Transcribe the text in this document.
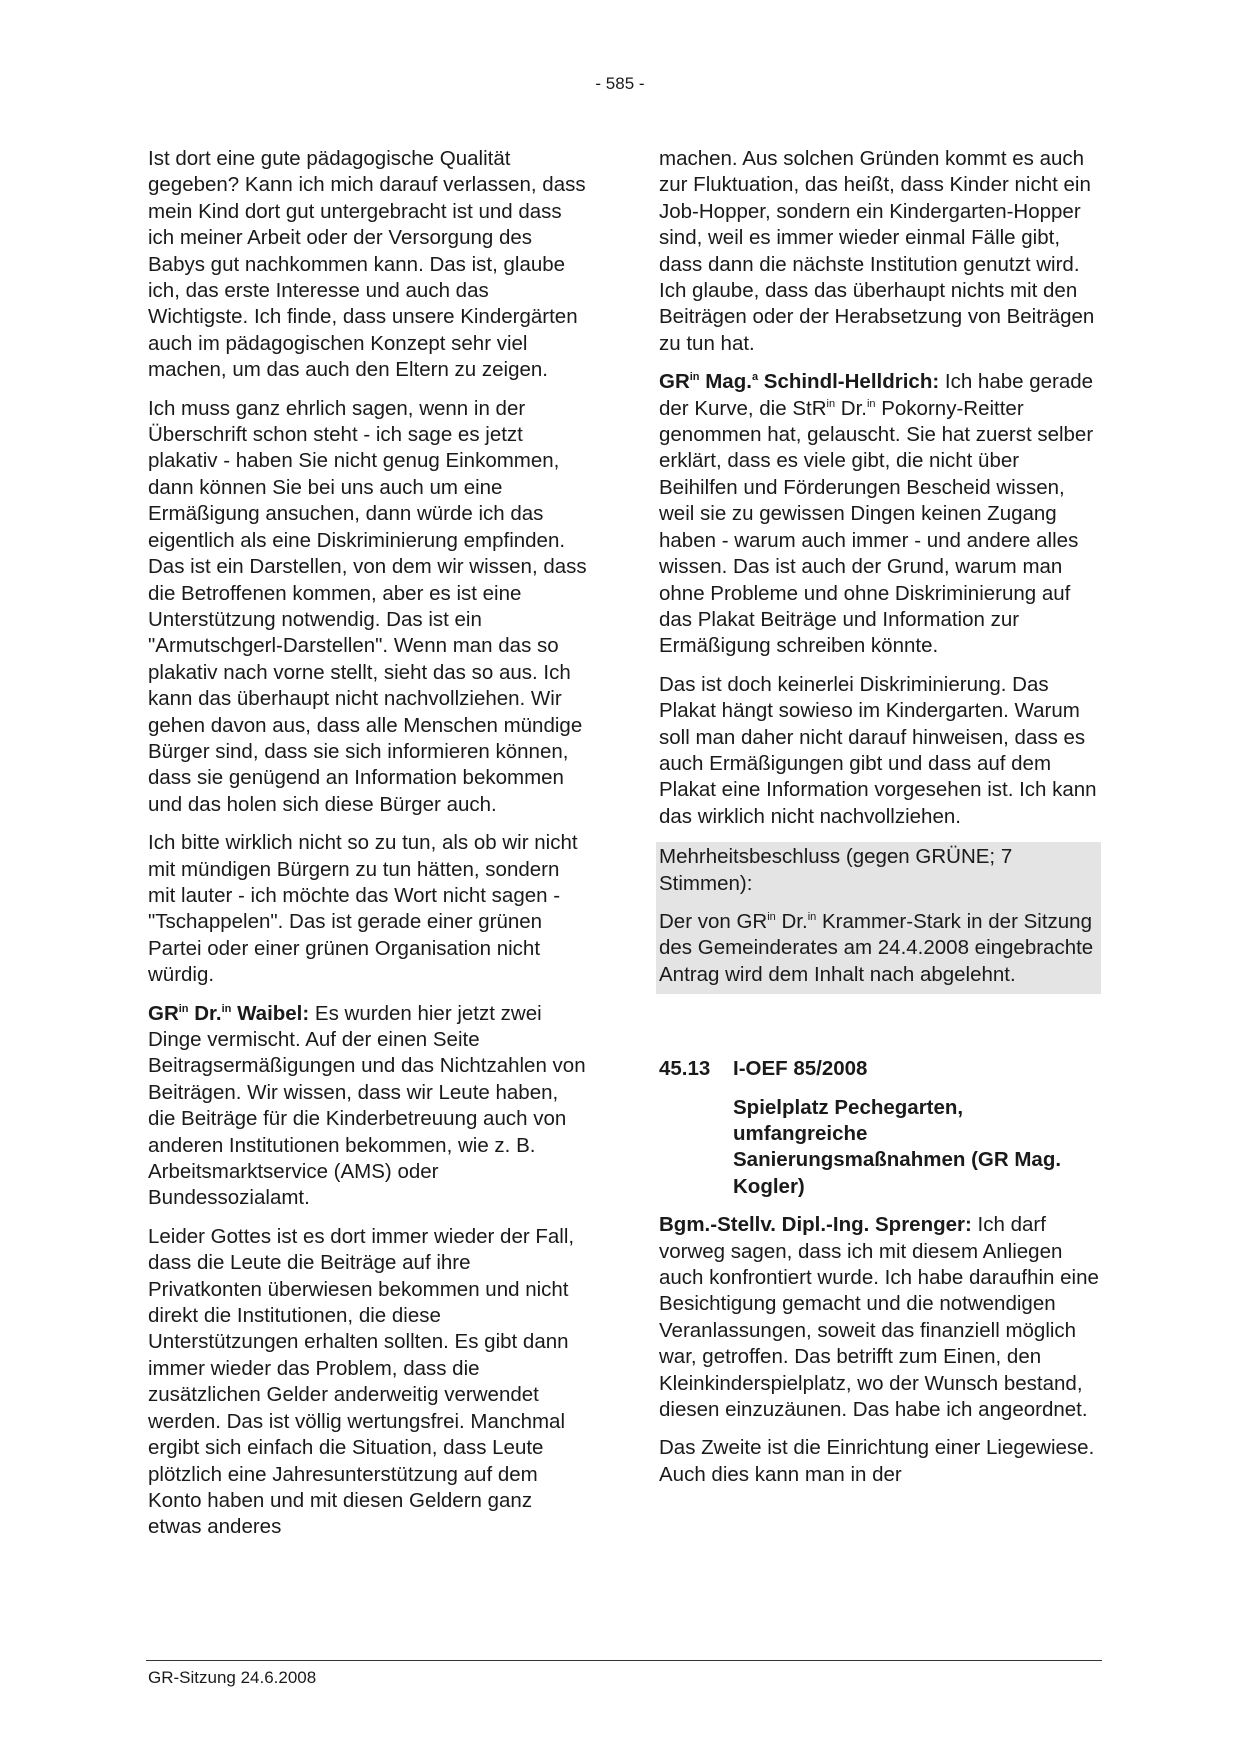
- 585 -

Ist dort eine gute pädagogische Qualität gegeben? Kann ich mich darauf verlassen, dass mein Kind dort gut untergebracht ist und dass ich meiner Arbeit oder der Versorgung des Babys gut nachkommen kann. Das ist, glaube ich, das erste Interesse und auch das Wichtigste. Ich finde, dass unsere Kindergärten auch im pädagogischen Konzept sehr viel machen, um das auch den Eltern zu zeigen.

Ich muss ganz ehrlich sagen, wenn in der Überschrift schon steht - ich sage es jetzt plakativ - haben Sie nicht genug Einkommen, dann können Sie bei uns auch um eine Ermäßigung ansuchen, dann würde ich das eigentlich als eine Diskriminierung empfinden. Das ist ein Darstellen, von dem wir wissen, dass die Betroffenen kommen, aber es ist eine Unterstützung notwendig. Das ist ein "Armutschgerl-Darstellen". Wenn man das so plakativ nach vorne stellt, sieht das so aus. Ich kann das überhaupt nicht nachvollziehen. Wir gehen davon aus, dass alle Menschen mündige Bürger sind, dass sie sich informieren können, dass sie genügend an Information bekommen und das holen sich diese Bürger auch.

Ich bitte wirklich nicht so zu tun, als ob wir nicht mit mündigen Bürgern zu tun hätten, sondern mit lauter - ich möchte das Wort nicht sagen - "Tschappelen". Das ist gerade einer grünen Partei oder einer grünen Organisation nicht würdig.

$GR^{in}$ Dr.$^{in}$ Waibel: Es wurden hier jetzt zwei Dinge vermischt. Auf der einen Seite Beitragsermäßigungen und das Nichtzahlen von Beiträgen. Wir wissen, dass wir Leute haben, die Beiträge für die Kinderbetreuung auch von anderen Institutionen bekommen, wie z. B. Arbeitsmarktservice (AMS) oder Bundessozialamt.

Leider Gottes ist es dort immer wieder der Fall, dass die Leute die Beiträge auf ihre Privatkonten überwiesen bekommen und nicht direkt die Institutionen, die diese Unterstützungen erhalten sollten. Es gibt dann immer wieder das Problem, dass die zusätzlichen Gelder anderweitig verwendet werden. Das ist völlig wertungsfrei. Manchmal ergibt sich einfach die Situation, dass Leute plötzlich eine Jahresunterstützung auf dem Konto haben und mit diesen Geldern ganz etwas anderes

machen. Aus solchen Gründen kommt es auch zur Fluktuation, das heißt, dass Kinder nicht ein Job-Hopper, sondern ein Kindergarten-Hopper sind, weil es immer wieder einmal Fälle gibt, dass dann die nächste Institution genutzt wird. Ich glaube, dass das überhaupt nichts mit den Beiträgen oder der Herabsetzung von Beiträgen zu tun hat.

$GR^{in}$ Mag.$^a$ Schindl-Helldrich: Ich habe gerade der Kurve, die StR$^{in}$ Dr.$^{in}$ Pokorny-Reitter genommen hat, gelauscht. Sie hat zuerst selber erklärt, dass es viele gibt, die nicht über Beihilfen und Förderungen Bescheid wissen, weil sie zu gewissen Dingen keinen Zugang haben - warum auch immer - und andere alles wissen. Das ist auch der Grund, warum man ohne Probleme und ohne Diskriminierung auf das Plakat Beiträge und Information zur Ermäßigung schreiben könnte.

Das ist doch keinerlei Diskriminierung. Das Plakat hängt sowieso im Kindergarten. Warum soll man daher nicht darauf hinweisen, dass es auch Ermäßigungen gibt und dass auf dem Plakat eine Information vorgesehen ist. Ich kann das wirklich nicht nachvollziehen.

Mehrheitsbeschluss (gegen GRÜNE; 7 Stimmen):

Der von $GR^{in}$ Dr.$^{in}$ Krammer-Stark in der Sitzung des Gemeinderates am 24.4.2008 eingebrachte Antrag wird dem Inhalt nach abgelehnt.

45.13	I-OEF 85/2008
Spielplatz Pechegarten, umfangreiche Sanierungsmaßnahmen (GR Mag. Kogler)

Bgm.-Stellv. Dipl.-Ing. Sprenger: Ich darf vorweg sagen, dass ich mit diesem Anliegen auch konfrontiert wurde. Ich habe daraufhin eine Besichtigung gemacht und die notwendigen Veranlassungen, soweit das finanziell möglich war, getroffen. Das betrifft zum Einen, den Kleinkinderspielplatz, wo der Wunsch bestand, diesen einzuzäunen. Das habe ich angeordnet.

Das Zweite ist die Einrichtung einer Liegewiese. Auch dies kann man in der

GR-Sitzung 24.6.2008
